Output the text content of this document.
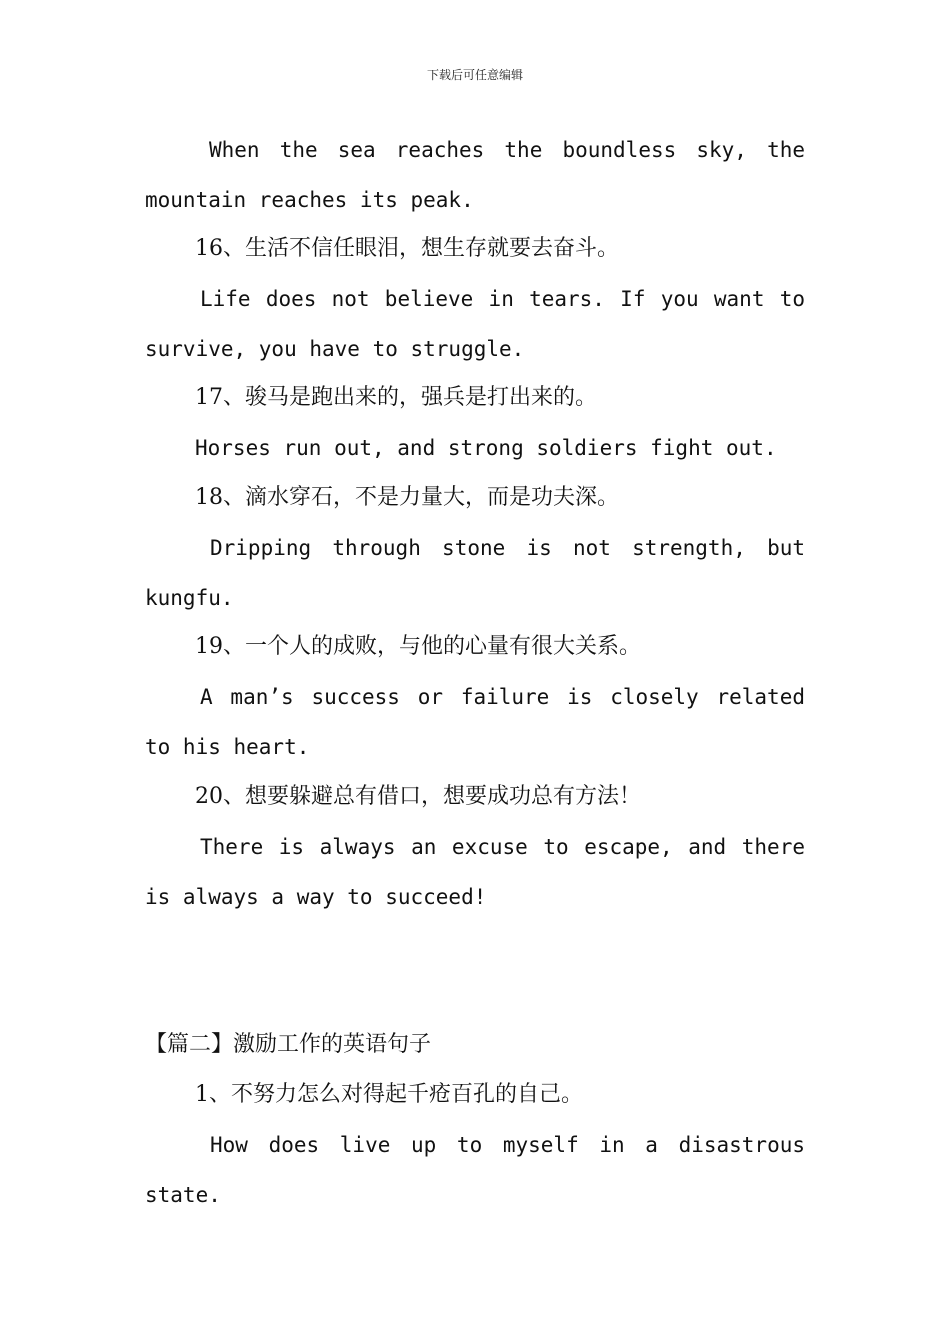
下载后可任意编辑
When the sea reaches the boundless sky, the
mountain reaches its peak.
16、生活不信任眼泪，想生存就要去奋斗。
Life does not believe in tears. If you want to
survive, you have to struggle.
17、骏马是跑出来的，强兵是打出来的。
Horses run out, and strong soldiers fight out.
18、滴水穿石，不是力量大，而是功夫深。
Dripping through stone is not strength, but
kungfu.
19、一个人的成败，与他的心量有很大关系。
A man’s success or failure is closely related
to his heart.
20、想要躲避总有借口，想要成功总有方法！
There is always an excuse to escape, and there
is always a way to succeed!
【篇二】激励工作的英语句子
1、不努力怎么对得起千疮百孔的自己。
How does live up to myself in a disastrous
state.
